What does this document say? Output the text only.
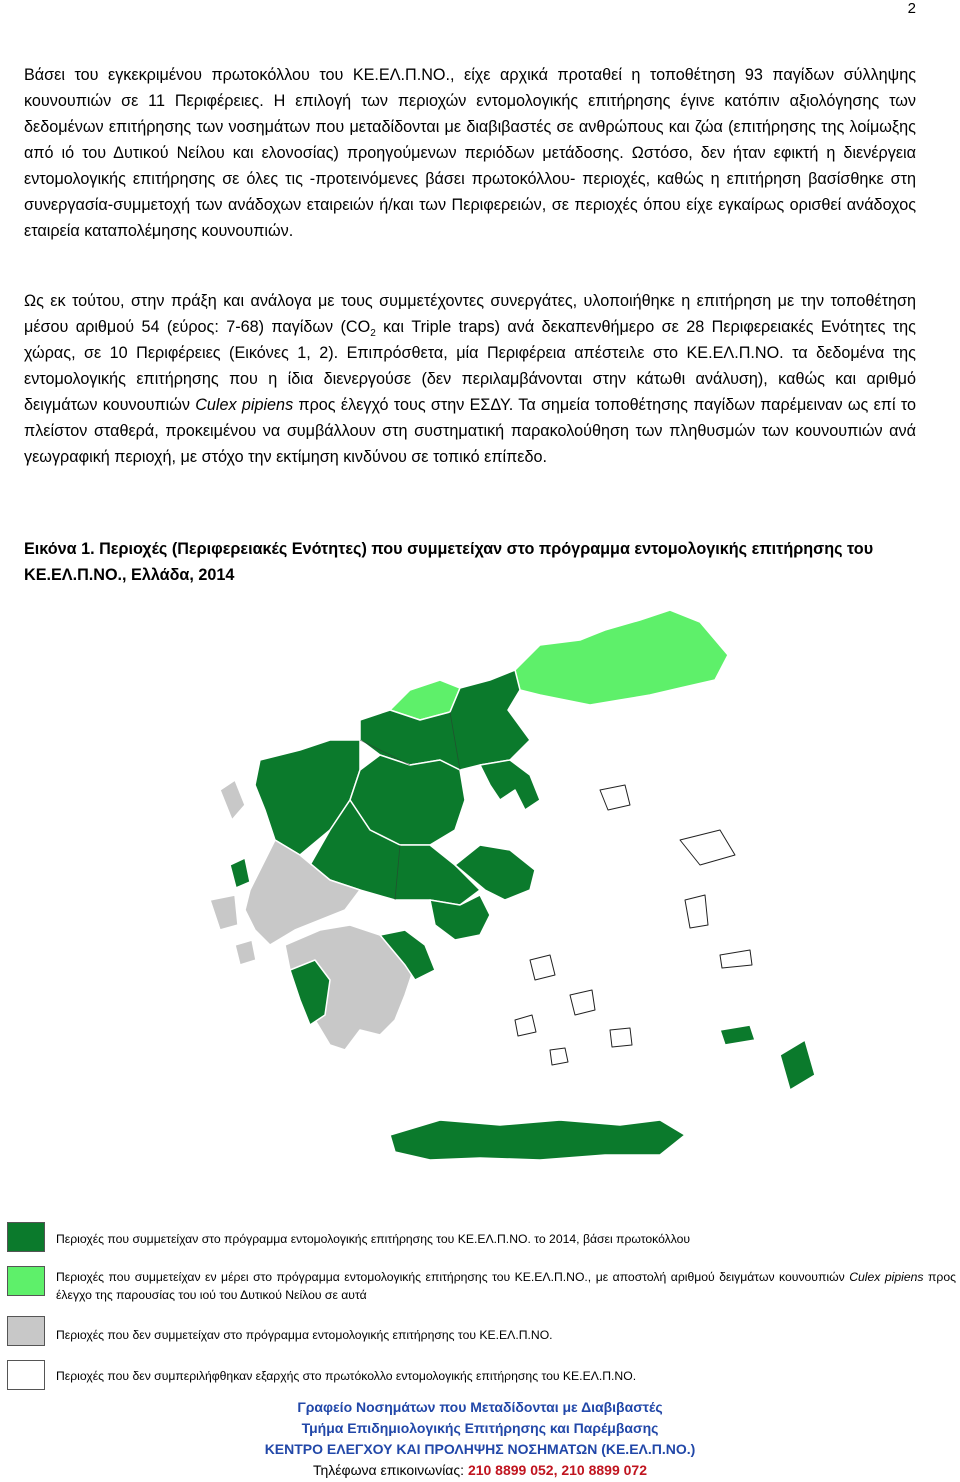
2

Βάσει του εγκεκριμένου πρωτοκόλλου του ΚΕ.ΕΛ.Π.ΝΟ., είχε αρχικά προταθεί η τοποθέτηση 93 παγίδων σύλληψης κουνουπιών σε 11 Περιφέρειες. Η επιλογή των περιοχών εντομολογικής επιτήρησης έγινε κατόπιν αξιολόγησης των δεδομένων επιτήρησης των νοσημάτων που μεταδίδονται με διαβιβαστές σε ανθρώπους και ζώα (επιτήρησης της λοίμωξης από ιό του Δυτικού Νείλου και ελονοσίας) προηγούμενων περιόδων μετάδοσης. Ωστόσο, δεν ήταν εφικτή η διενέργεια εντομολογικής επιτήρησης σε όλες τις -προτεινόμενες βάσει πρωτοκόλλου- περιοχές, καθώς η επιτήρηση βασίσθηκε στη συνεργασία-συμμετοχή των ανάδοχων εταιρειών ή/και των Περιφερειών, σε περιοχές όπου είχε εγκαίρως ορισθεί ανάδοχος εταιρεία καταπολέμησης κουνουπιών.

Ως εκ τούτου, στην πράξη και ανάλογα με τους συμμετέχοντες συνεργάτες, υλοποιήθηκε η επιτήρηση με την τοποθέτηση μέσου αριθμού 54 (εύρος: 7-68) παγίδων ($CO_2$ και Triple traps) ανά δεκαπενθήμερο σε 28 Περιφερειακές Ενότητες της χώρας, σε 10 Περιφέρειες (Εικόνες 1, 2). Επιπρόσθετα, μία Περιφέρεια απέστειλε στο ΚΕ.ΕΛ.Π.ΝΟ. τα δεδομένα της εντομολογικής επιτήρησης που η ίδια διενεργούσε (δεν περιλαμβάνονται στην κάτωθι ανάλυση), καθώς και αριθμό δειγμάτων κουνουπιών Culex pipiens προς έλεγχό τους στην ΕΣΔΥ. Τα σημεία τοποθέτησης παγίδων παρέμειναν ως επί το πλείστον σταθερά, προκειμένου να συμβάλλουν στη συστηματική παρακολούθηση των πληθυσμών των κουνουπιών ανά γεωγραφική περιοχή, με στόχο την εκτίμηση κινδύνου σε τοπικό επίπεδο.

Εικόνα 1. Περιοχές (Περιφερειακές Ενότητες) που συμμετείχαν στο πρόγραμμα εντομολογικής επιτήρησης του ΚΕ.ΕΛ.Π.ΝΟ., Ελλάδα, 2014

Περιοχές που συμμετείχαν στο πρόγραμμα εντομολογικής επιτήρησης του ΚΕ.ΕΛ.Π.ΝΟ. το 2014, βάσει πρωτοκόλλου

Περιοχές που συμμετείχαν εν μέρει στο πρόγραμμα εντομολογικής επιτήρησης του ΚΕ.ΕΛ.Π.ΝΟ., με αποστολή αριθμού δειγμάτων κουνουπιών Culex pipiens προς έλεγχο της παρουσίας του ιού του Δυτικού Νείλου σε αυτά

Περιοχές που δεν συμμετείχαν στο πρόγραμμα εντομολογικής επιτήρησης του ΚΕ.ΕΛ.Π.ΝΟ.

Περιοχές που δεν συμπεριλήφθηκαν εξαρχής στο πρωτόκολλο εντομολογικής επιτήρησης του ΚΕ.ΕΛ.Π.ΝΟ.

Γραφείο Νοσημάτων που Μεταδίδονται με Διαβιβαστές

Τμήμα Επιδημιολογικής Επιτήρησης και Παρέμβασης

ΚΕΝΤΡΟ ΕΛΕΓΧΟΥ ΚΑΙ ΠΡΟΛΗΨΗΣ ΝΟΣΗΜΑΤΩΝ (ΚΕ.ΕΛ.Π.ΝΟ.)

Τηλέφωνα επικοινωνίας: 210 8899 052, 210 8899 072
